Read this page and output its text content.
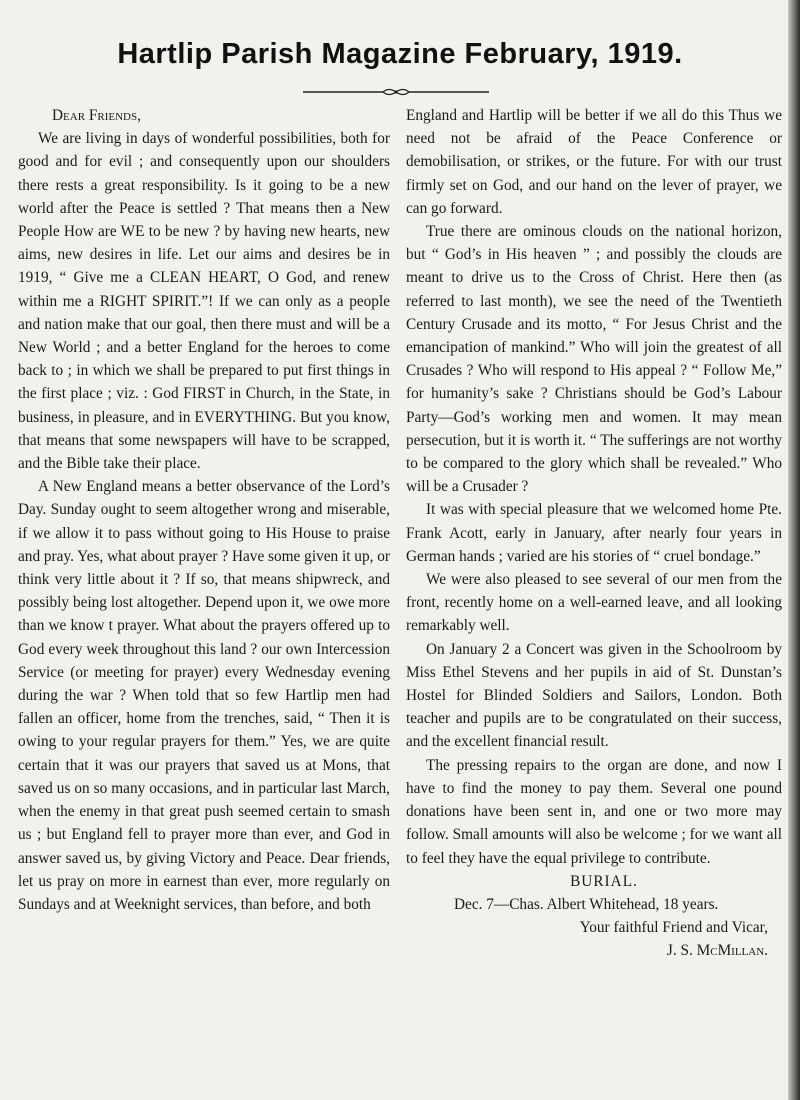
Hartlip Parish Magazine February, 1919.

Dear Friends,

We are living in days of wonderful possibilities, both for good and for evil ; and consequently upon our shoulders there rests a great responsibility. Is it going to be a new world after the Peace is settled ? That means then a New People How are WE to be new ? by having new hearts, new aims, new desires in life. Let our aims and desires be in 1919, “ Give me a CLEAN HEART, O God, and renew within me a RIGHT SPIRIT.”! If we can only as a people and nation make that our goal, then there must and will be a New World ; and a better England for the heroes to come back to ; in which we shall be prepared to put first things in the first place ; viz. : God FIRST in Church, in the State, in business, in pleasure, and in EVERYTHING. But you know, that means that some newspapers will have to be scrapped, and the Bible take their place.

A New England means a better observance of the Lord’s Day. Sunday ought to seem altogether wrong and miserable, if we allow it to pass without going to His House to praise and pray. Yes, what about prayer ? Have some given it up, or think very little about it ? If so, that means shipwreck, and possibly being lost altogether. Depend upon it, we owe more than we know t prayer. What about the prayers offered up to God every week throughout this land ? our own Intercession Service (or meeting for prayer) every Wednesday evening during the war ? When told that so few Hartlip men had fallen an officer, home from the trenches, said, “ Then it is owing to your regular prayers for them.” Yes, we are quite certain that it was our prayers that saved us at Mons, that saved us on so many occasions, and in particular last March, when the enemy in that great push seemed certain to smash us ; but England fell to prayer more than ever, and God in answer saved us, by giving Victory and Peace. Dear friends, let us pray on more in earnest than ever, more regularly on Sundays and at Weeknight services, than before, and both

England and Hartlip will be better if we all do this Thus we need not be afraid of the Peace Conference or demobilisation, or strikes, or the future. For with our trust firmly set on God, and our hand on the lever of prayer, we can go forward.

True there are ominous clouds on the national horizon, but “ God’s in His heaven ” ; and possibly the clouds are meant to drive us to the Cross of Christ. Here then (as referred to last month), we see the need of the Twentieth Century Crusade and its motto, “ For Jesus Christ and the emancipation of mankind.” Who will join the greatest of all Crusades ? Who will respond to His appeal ? “ Follow Me,” for humanity’s sake ? Christians should be God’s Labour Party—God’s working men and women. It may mean persecution, but it is worth it. “ The sufferings are not worthy to be compared to the glory which shall be revealed.” Who will be a Crusader ?

It was with special pleasure that we welcomed home Pte. Frank Acott, early in January, after nearly four years in German hands ; varied are his stories of “ cruel bondage.”

We were also pleased to see several of our men from the front, recently home on a well-earned leave, and all looking remarkably well.

On January 2 a Concert was given in the Schoolroom by Miss Ethel Stevens and her pupils in aid of St. Dunstan’s Hostel for Blinded Soldiers and Sailors, London. Both teacher and pupils are to be congratulated on their success, and the excellent financial result.

The pressing repairs to the organ are done, and now I have to find the money to pay them. Several one pound donations have been sent in, and one or two more may follow. Small amounts will also be welcome ; for we want all to feel they have the equal privilege to contribute.

BURIAL.

Dec. 7—Chas. Albert Whitehead, 18 years.

Your faithful Friend and Vicar,

J. S. McMillan.
